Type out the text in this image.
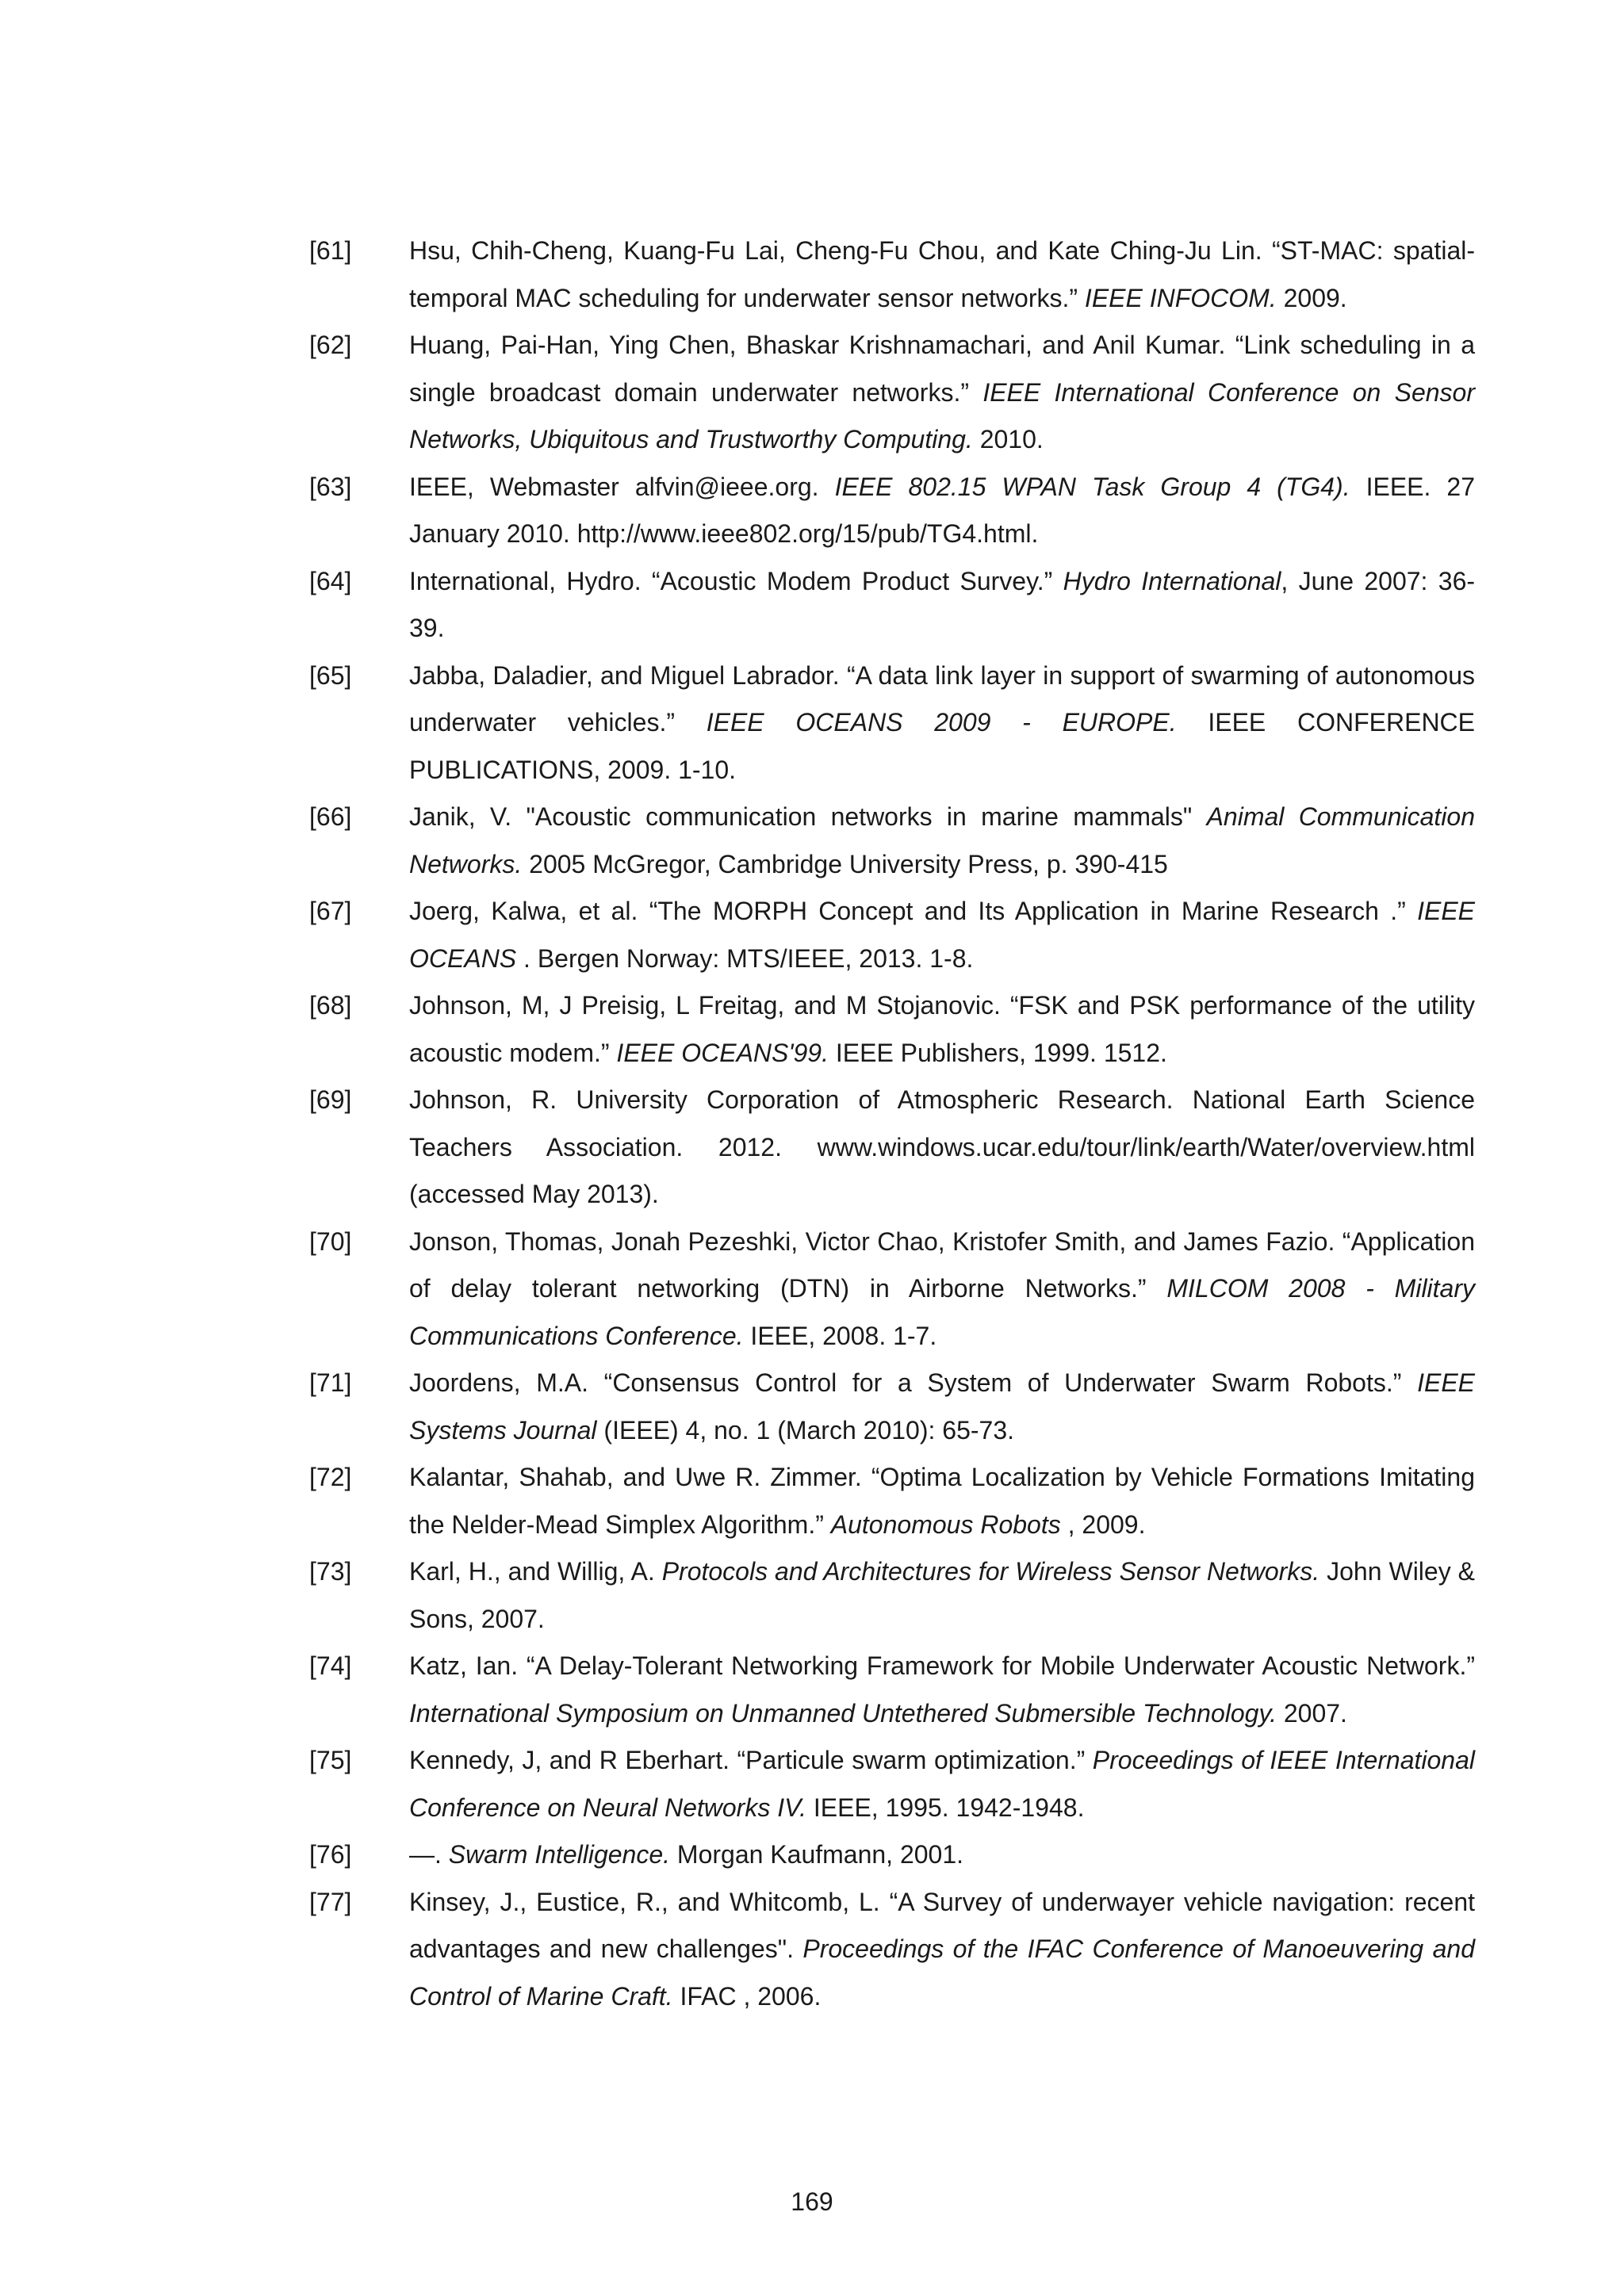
[61] Hsu, Chih-Cheng, Kuang-Fu Lai, Cheng-Fu Chou, and Kate Ching-Ju Lin. “ST-MAC: spatial-temporal MAC scheduling for underwater sensor networks.” IEEE INFOCOM. 2009.
[62] Huang, Pai-Han, Ying Chen, Bhaskar Krishnamachari, and Anil Kumar. “Link scheduling in a single broadcast domain underwater networks.” IEEE International Conference on Sensor Networks, Ubiquitous and Trustworthy Computing. 2010.
[63] IEEE, Webmaster alfvin@ieee.org. IEEE 802.15 WPAN Task Group 4 (TG4). IEEE. 27 January 2010. http://www.ieee802.org/15/pub/TG4.html.
[64] International, Hydro. “Acoustic Modem Product Survey.” Hydro International, June 2007: 36-39.
[65] Jabba, Daladier, and Miguel Labrador. “A data link layer in support of swarming of autonomous underwater vehicles.” IEEE OCEANS 2009 - EUROPE. IEEE CONFERENCE PUBLICATIONS, 2009. 1-10.
[66] Janik, V. "Acoustic communication networks in marine mammals" Animal Communication Networks. 2005 McGregor, Cambridge University Press, p. 390-415
[67] Joerg, Kalwa, et al. “The MORPH Concept and Its Application in Marine Research .” IEEE OCEANS . Bergen Norway: MTS/IEEE, 2013. 1-8.
[68] Johnson, M, J Preisig, L Freitag, and M Stojanovic. “FSK and PSK performance of the utility acoustic modem.” IEEE OCEANS'99. IEEE Publishers, 1999. 1512.
[69] Johnson, R. University Corporation of Atmospheric Research. National Earth Science Teachers Association. 2012. www.windows.ucar.edu/tour/link/earth/Water/overview.html (accessed May 2013).
[70] Jonson, Thomas, Jonah Pezeshki, Victor Chao, Kristofer Smith, and James Fazio. “Application of delay tolerant networking (DTN) in Airborne Networks.” MILCOM 2008 - Military Communications Conference. IEEE, 2008. 1-7.
[71] Joordens, M.A. “Consensus Control for a System of Underwater Swarm Robots.” IEEE Systems Journal (IEEE) 4, no. 1 (March 2010): 65-73.
[72] Kalantar, Shahab, and Uwe R. Zimmer. “Optima Localization by Vehicle Formations Imitating the Nelder-Mead Simplex Algorithm.” Autonomous Robots , 2009.
[73] Karl, H., and Willig, A. Protocols and Architectures for Wireless Sensor Networks. John Wiley & Sons, 2007.
[74] Katz, Ian. “A Delay-Tolerant Networking Framework for Mobile Underwater Acoustic Network.” International Symposium on Unmanned Untethered Submersible Technology. 2007.
[75] Kennedy, J, and R Eberhart. “Particule swarm optimization.” Proceedings of IEEE International Conference on Neural Networks IV. IEEE, 1995. 1942-1948.
[76] —. Swarm Intelligence. Morgan Kaufmann, 2001.
[77] Kinsey, J., Eustice, R., and Whitcomb, L. “A Survey of underwayer vehicle navigation: recent advantages and new challenges". Proceedings of the IFAC Conference of Manoeuvering and Control of Marine Craft. IFAC , 2006.
169
